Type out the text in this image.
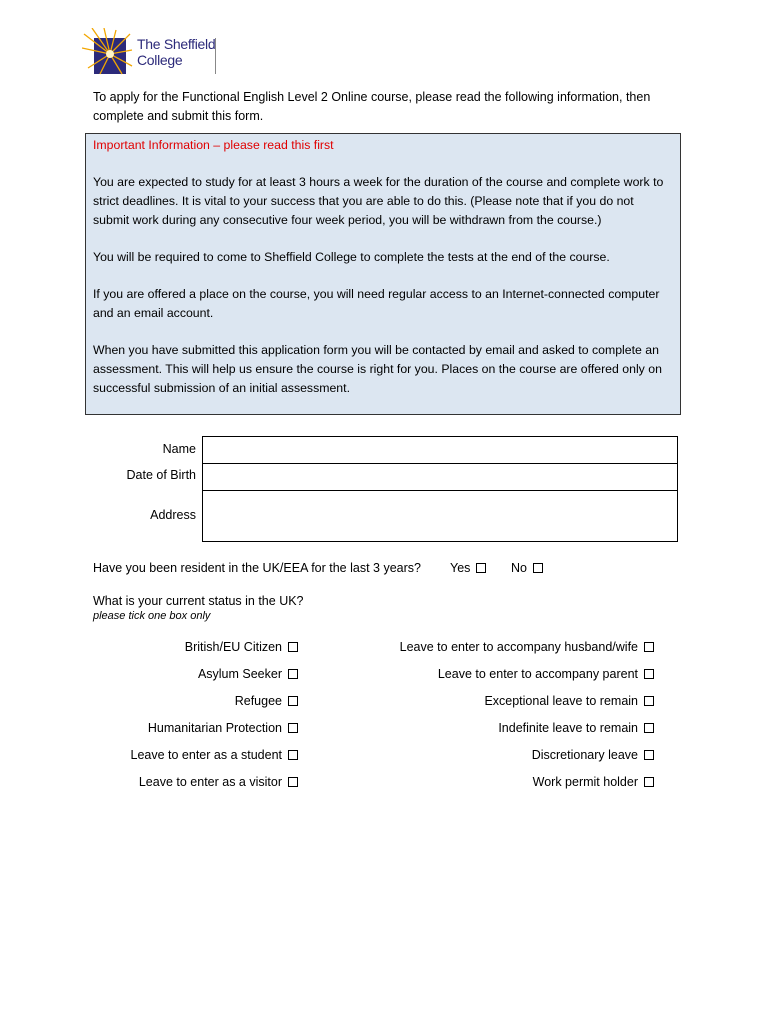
The Sheffield
College
To apply for the Functional English Level 2 Online course, please read the following information, then complete and submit this form.

Important Information – please read this first

You are expected to study for at least 3 hours a week for the duration of the course and complete work to strict deadlines. It is vital to your success that you are able to do this. (Please note that if you do not submit work during any consecutive four week period, you will be withdrawn from the course.)

You will be required to come to Sheffield College to complete the tests at the end of the course.

If you are offered a place on the course, you will need regular access to an Internet-connected computer and an email account.

When you have submitted this application form you will be contacted by email and asked to complete an assessment. This will help us ensure the course is right for you. Places on the course are offered only on successful submission of an initial assessment.

Name
Date of Birth
Address
Have you been resident in the UK/EEA for the last 3 years? Yes	No
What is your current status in the UK?
please tick one box only
British/EU Citizen
Asylum Seeker
Refugee
Humanitarian Protection
Leave to enter as a student
Leave to enter as a visitor
Leave to enter to accompany husband/wife
Leave to enter to accompany parent
Exceptional leave to remain
Indefinite leave to remain
Discretionary leave
Work permit holder
